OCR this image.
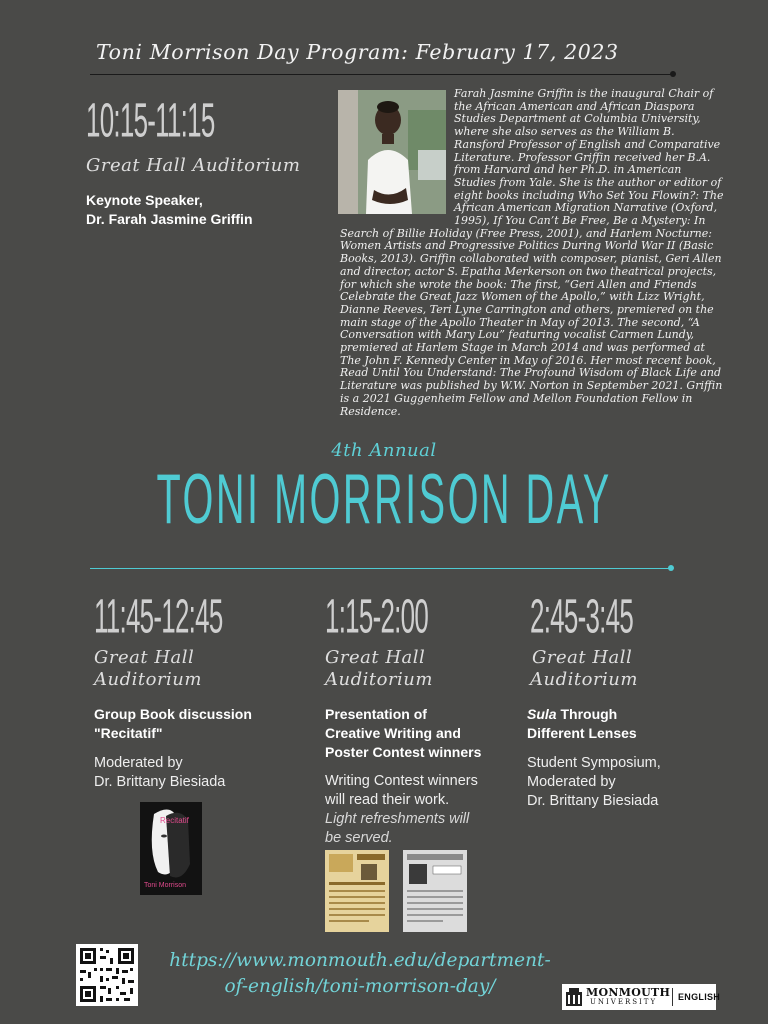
Toni Morrison Day Program: February 17, 2023
10:15-11:15
Great Hall Auditorium
Keynote Speaker,
Dr. Farah Jasmine Griffin

Farah Jasmine Griffin is the inaugural Chair of the African American and African Diaspora Studies Department at Columbia University, where she also serves as the William B. Ransford Professor of English and Comparative Literature. Professor Griffin received her B.A. from Harvard and her Ph.D. in American Studies from Yale. She is the author or editor of eight books including Who Set You Flowin?: The African American Migration Narrative (Oxford, 1995), If You Can’t Be Free, Be a Mystery: In Search of Billie Holiday (Free Press, 2001), and Harlem Nocturne: Women Artists and Progressive Politics During World War II (Basic Books, 2013). Griffin collaborated with composer, pianist, Geri Allen and director, actor S. Epatha Merkerson on two theatrical projects, for which she wrote the book: The first, “Geri Allen and Friends Celebrate the Great Jazz Women of the Apollo,” with Lizz Wright, Dianne Reeves, Teri Lyne Carrington and others, premiered on the main stage of the Apollo Theater in May of 2013. The second, “A Conversation with Mary Lou” featuring vocalist Carmen Lundy, premiered at Harlem Stage in March 2014 and was performed at The John F. Kennedy Center in May of 2016. Her most recent book, Read Until You Understand: The Profound Wisdom of Black Life and Literature was published by W.W. Norton in September 2021. Griffin is a 2021 Guggenheim Fellow and Mellon Foundation Fellow in Residence.

4th Annual
TONI MORRISON DAY
11:45-12:45
Great Hall
Auditorium
Group Book discussion
"Recitatif"
Moderated by
Dr. Brittany Biesiada
Recitatif
Toni Morrison
1:15-2:00
Great Hall
Auditorium
Presentation of
Creative Writing and
Poster Contest winners
Writing Contest winners
will read their work.
Light refreshments will
be served.
2:45-3:45
Great Hall
Auditorium
Sula Through
Different Lenses
Student Symposium,
Moderated by
Dr. Brittany Biesiada
https://www.monmouth.edu/department-
of-english/toni-morrison-day/	MONMOUTH
UNIVERSITY ENGLISH
